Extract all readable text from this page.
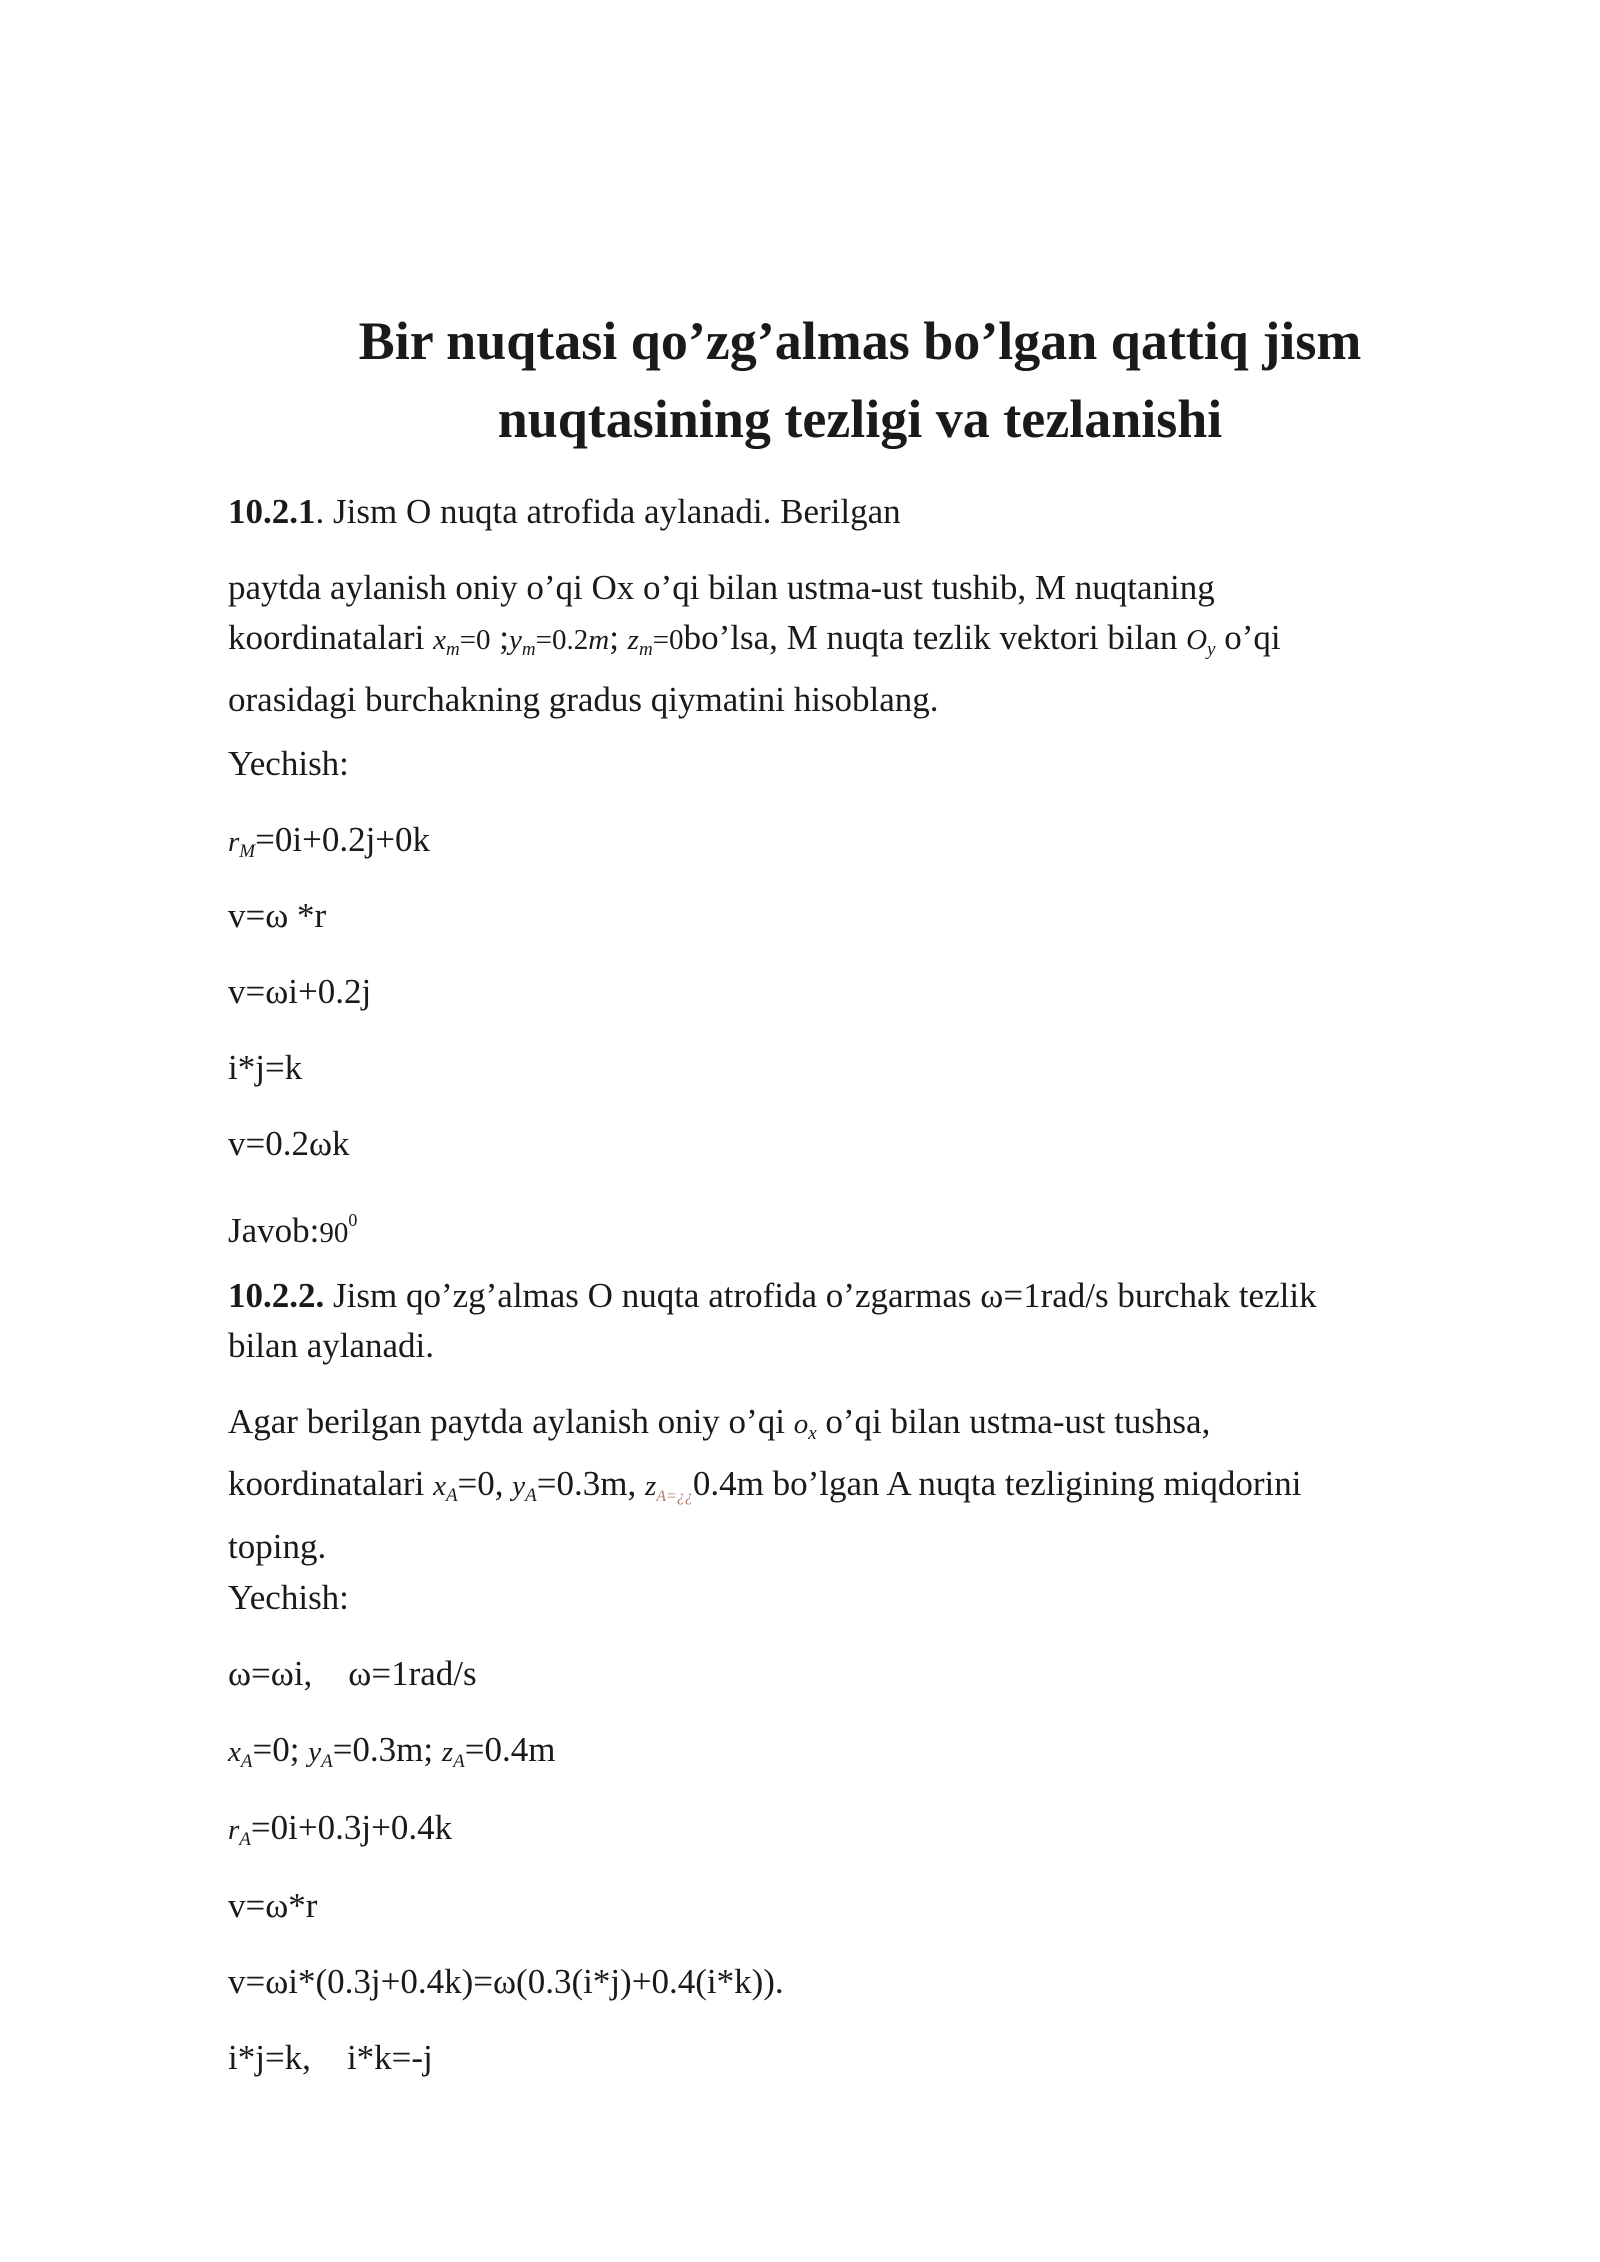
Bir nuqtasi qo’zg’almas bo’lgan qattiq jism
nuqtasining tezligi va tezlanishi

10.2.1. Jism O nuqta atrofida aylanadi. Berilgan

paytda aylanish oniy o’qi Ox o’qi bilan ustma-ust tushib, M nuqtaning
koordinatalari xm=0 ;ym=0.2m; zm=0bo’lsa, M nuqta tezlik vektori bilan Oy o’qi
orasidagi burchakning gradus qiymatini hisoblang.

Yechish:

rM=0i+0.2j+0k

v=ω *r

v=ωi+0.2j

i*j=k

v=0.2ωk

$Javob:90^0$

10.2.2. Jism qo’zg’almas O nuqta atrofida o’zgarmas ω=1rad/s burchak tezlik
bilan aylanadi.

Agar berilgan paytda aylanish oniy o’qi ox o’qi bilan ustma-ust tushsa,
koordinatalari xA=0, yA=0.3m, zA=¿¿0.4m bo’lgan A nuqta tezligining miqdorini
toping.

Yechish:

ω=ωi, ω=1rad/s

xA=0; yA=0.3m; zA=0.4m

rA=0i+0.3j+0.4k

v=ω*r

v=ωi*(0.3j+0.4k)=ω(0.3(i*j)+0.4(i*k)).

i*j=k, i*k=-j
